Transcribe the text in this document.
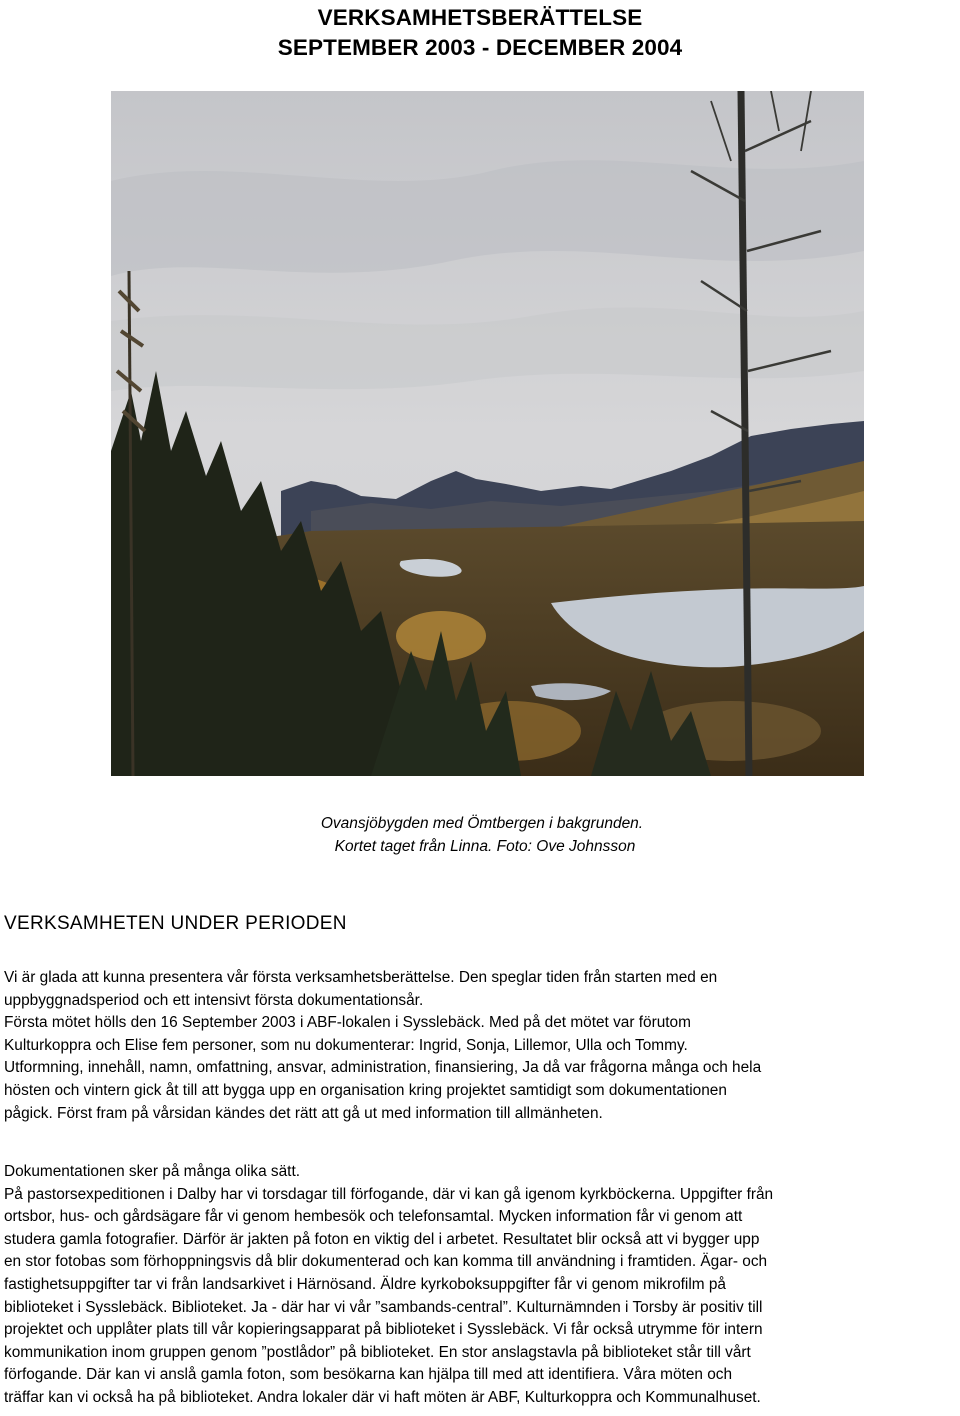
VERKSAMHETSBERÄTTELSE
SEPTEMBER 2003 - DECEMBER 2004
Ovansjöbygden med Ömtbergen i bakgrunden.
Kortet taget från Linna. Foto: Ove Johnsson
VERKSAMHETEN UNDER PERIODEN

Vi är glada att kunna presentera vår första verksamhetsberättelse. Den speglar tiden från starten med en

uppbyggnadsperiod och ett intensivt första dokumentationsår.

Första mötet hölls den 16 September 2003 i ABF-lokalen i Sysslebäck. Med på det mötet var förutom

Kulturkoppra och Elise fem personer, som nu dokumenterar: Ingrid, Sonja, Lillemor, Ulla och Tommy.

Utformning, innehåll, namn, omfattning, ansvar, administration, finansiering, Ja då var frågorna många och hela

hösten och vintern gick åt till att bygga upp en organisation kring projektet samtidigt som dokumentationen

pågick. Först fram på vårsidan kändes det rätt att gå ut med information till allmänheten.

Dokumentationen sker på många olika sätt.

På pastorsexpeditionen i Dalby har vi torsdagar till förfogande, där vi kan gå igenom kyrkböckerna. Uppgifter från

ortsbor, hus- och gårdsägare får vi genom hembesök och telefonsamtal. Mycken information får vi genom att

studera gamla fotografier. Därför är jakten på foton en viktig del i arbetet. Resultatet blir också att vi bygger upp

en stor fotobas som förhoppningsvis då blir dokumenterad och kan komma till användning i framtiden. Ägar- och

fastighetsuppgifter tar vi från landsarkivet i Härnösand. Äldre kyrkoboksuppgifter får vi genom mikrofilm på

biblioteket i Sysslebäck. Biblioteket. Ja - där har vi vår ”sambands-central”. Kulturnämnden i Torsby är positiv till

projektet och upplåter plats till vår kopieringsapparat på biblioteket i Sysslebäck. Vi får också utrymme för intern

kommunikation inom gruppen genom ”postlådor” på biblioteket. En stor anslagstavla på biblioteket står till vårt

förfogande. Där kan vi anslå gamla foton, som besökarna kan hjälpa till med att identifiera. Våra möten och

träffar kan vi också ha på biblioteket. Andra lokaler där vi haft möten är ABF, Kulturkoppra och Kommunalhuset.
